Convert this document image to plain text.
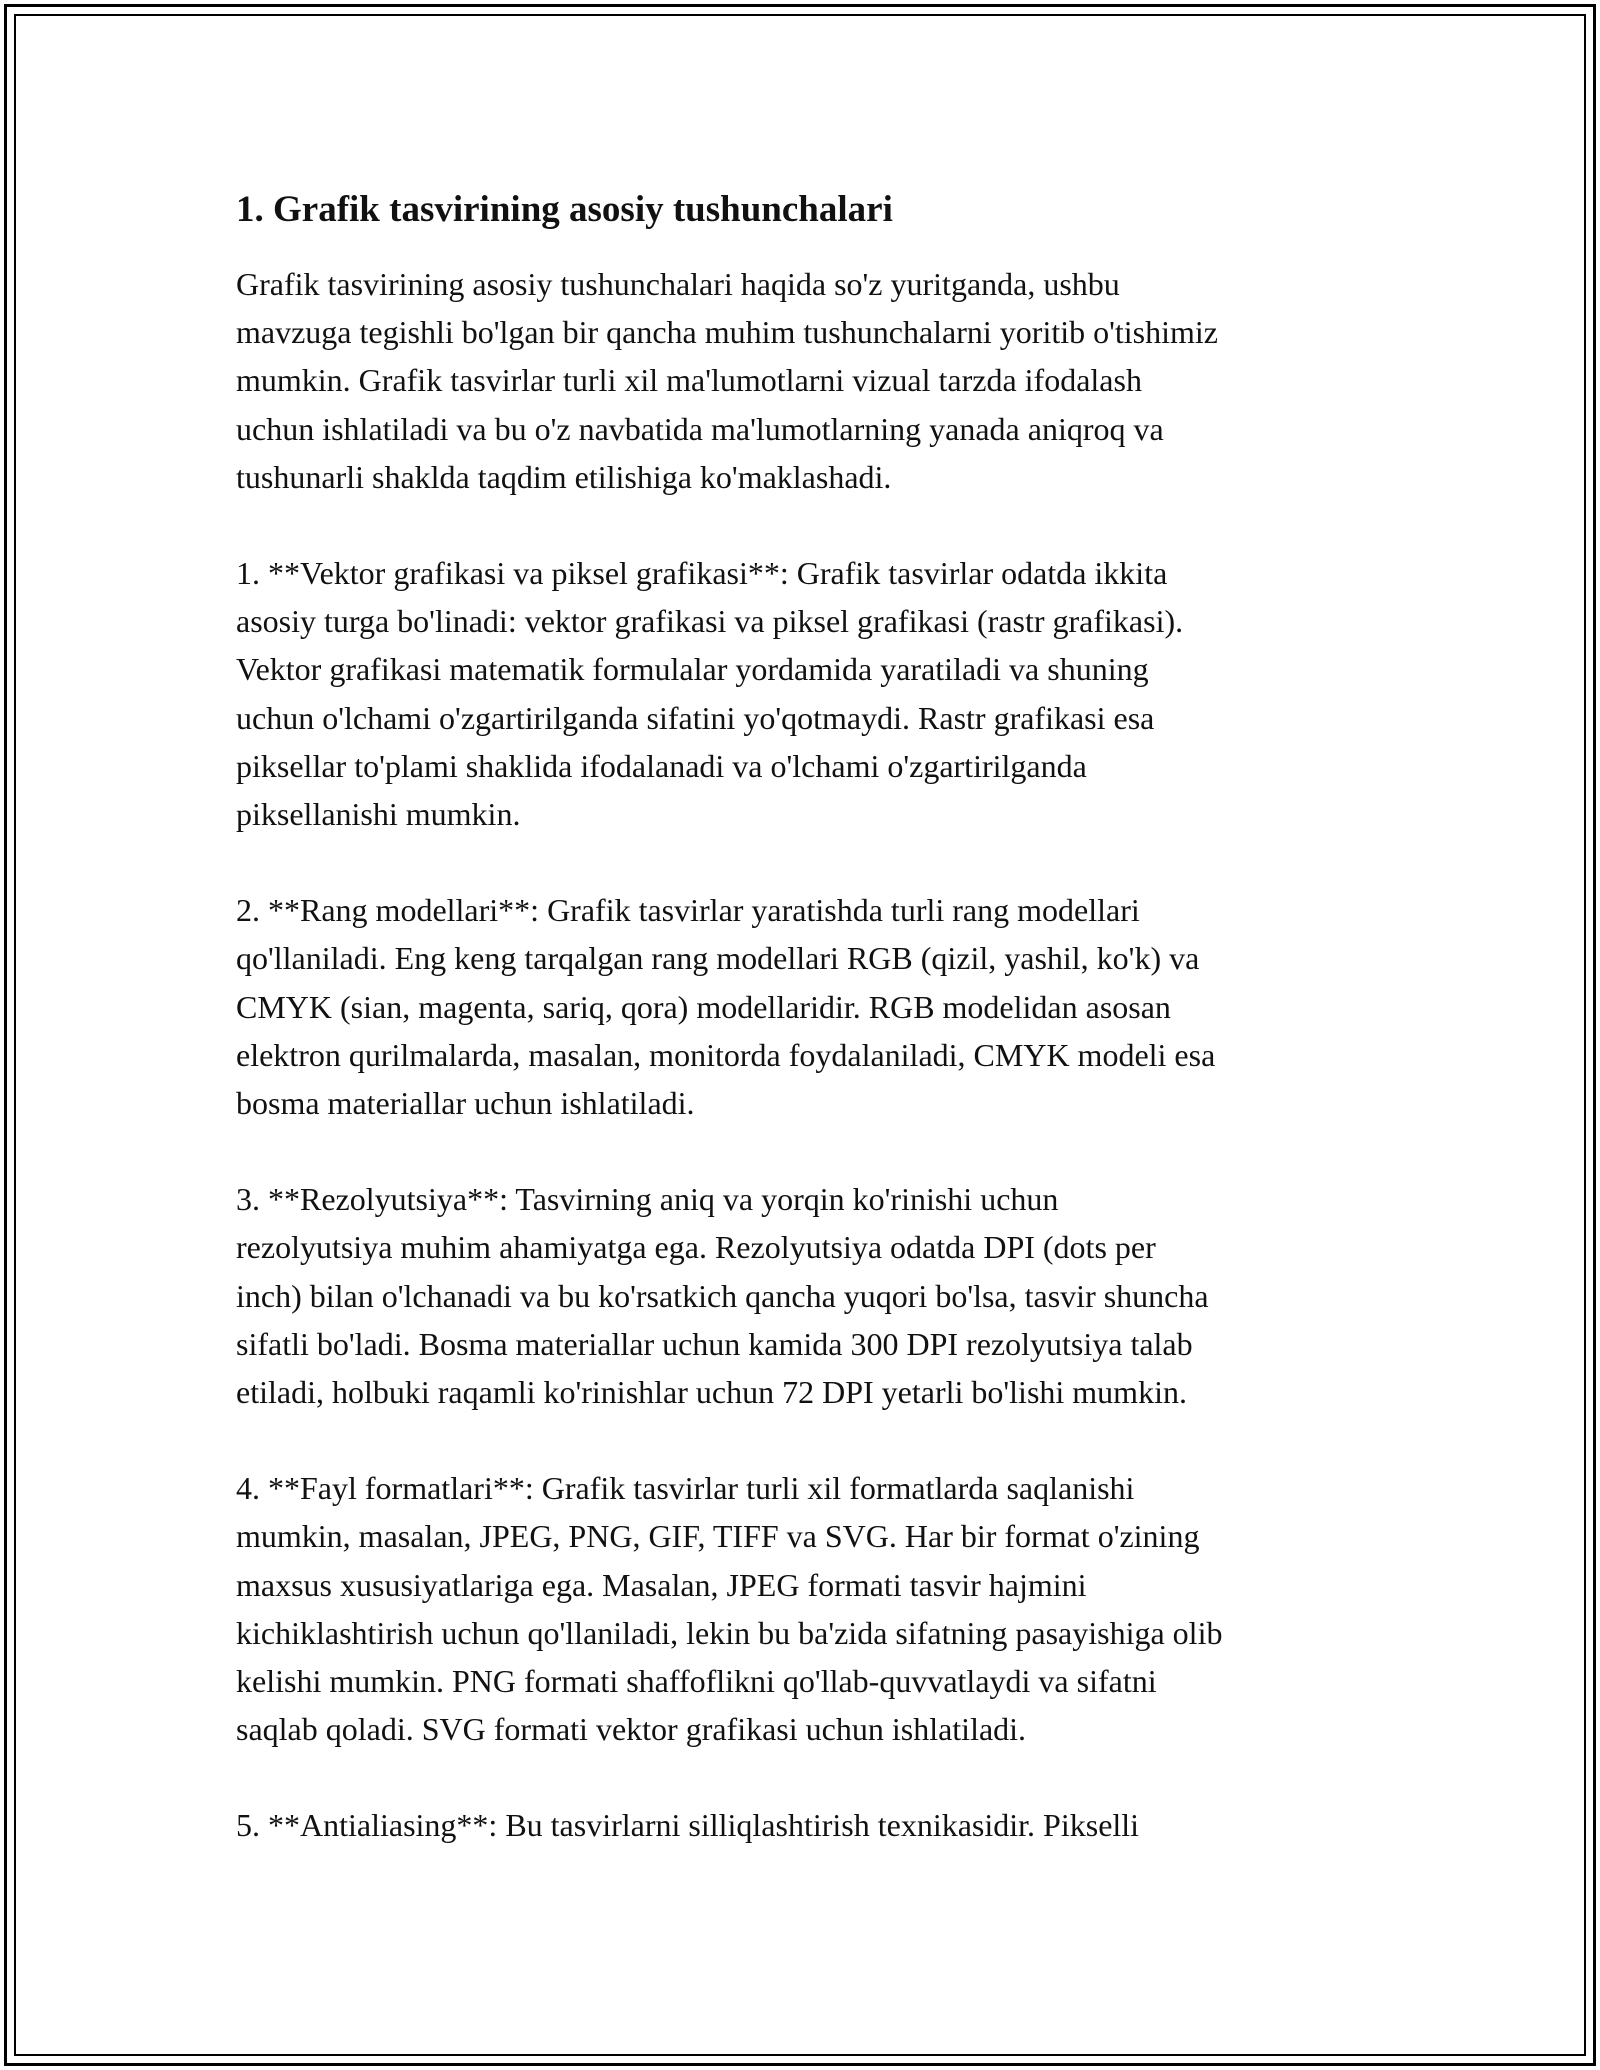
1. Grafik tasvirining asosiy tushunchalari

Grafik tasvirining asosiy tushunchalari haqida so'z yuritganda, ushbu
mavzuga tegishli bo'lgan bir qancha muhim tushunchalarni yoritib o'tishimiz
mumkin. Grafik tasvirlar turli xil ma'lumotlarni vizual tarzda ifodalash
uchun ishlatiladi va bu o'z navbatida ma'lumotlarning yanada aniqroq va
tushunarli shaklda taqdim etilishiga ko'maklashadi.

1. **Vektor grafikasi va piksel grafikasi**: Grafik tasvirlar odatda ikkita
asosiy turga bo'linadi: vektor grafikasi va piksel grafikasi (rastr grafikasi).
Vektor grafikasi matematik formulalar yordamida yaratiladi va shuning
uchun o'lchami o'zgartirilganda sifatini yo'qotmaydi. Rastr grafikasi esa
piksellar to'plami shaklida ifodalanadi va o'lchami o'zgartirilganda
piksellanishi mumkin.

2. **Rang modellari**: Grafik tasvirlar yaratishda turli rang modellari
qo'llaniladi. Eng keng tarqalgan rang modellari RGB (qizil, yashil, ko'k) va
CMYK (sian, magenta, sariq, qora) modellaridir. RGB modelidan asosan
elektron qurilmalarda, masalan, monitorda foydalaniladi, CMYK modeli esa
bosma materiallar uchun ishlatiladi.

3. **Rezolyutsiya**: Tasvirning aniq va yorqin ko'rinishi uchun
rezolyutsiya muhim ahamiyatga ega. Rezolyutsiya odatda DPI (dots per
inch) bilan o'lchanadi va bu ko'rsatkich qancha yuqori bo'lsa, tasvir shuncha
sifatli bo'ladi. Bosma materiallar uchun kamida 300 DPI rezolyutsiya talab
etiladi, holbuki raqamli ko'rinishlar uchun 72 DPI yetarli bo'lishi mumkin.

4. **Fayl formatlari**: Grafik tasvirlar turli xil formatlarda saqlanishi
mumkin, masalan, JPEG, PNG, GIF, TIFF va SVG. Har bir format o'zining
maxsus xususiyatlariga ega. Masalan, JPEG formati tasvir hajmini
kichiklashtirish uchun qo'llaniladi, lekin bu ba'zida sifatning pasayishiga olib
kelishi mumkin. PNG formati shaffoflikni qo'llab-quvvatlaydi va sifatni
saqlab qoladi. SVG formati vektor grafikasi uchun ishlatiladi.

5. **Antialiasing**: Bu tasvirlarni silliqlashtirish texnikasidir. Pikselli
